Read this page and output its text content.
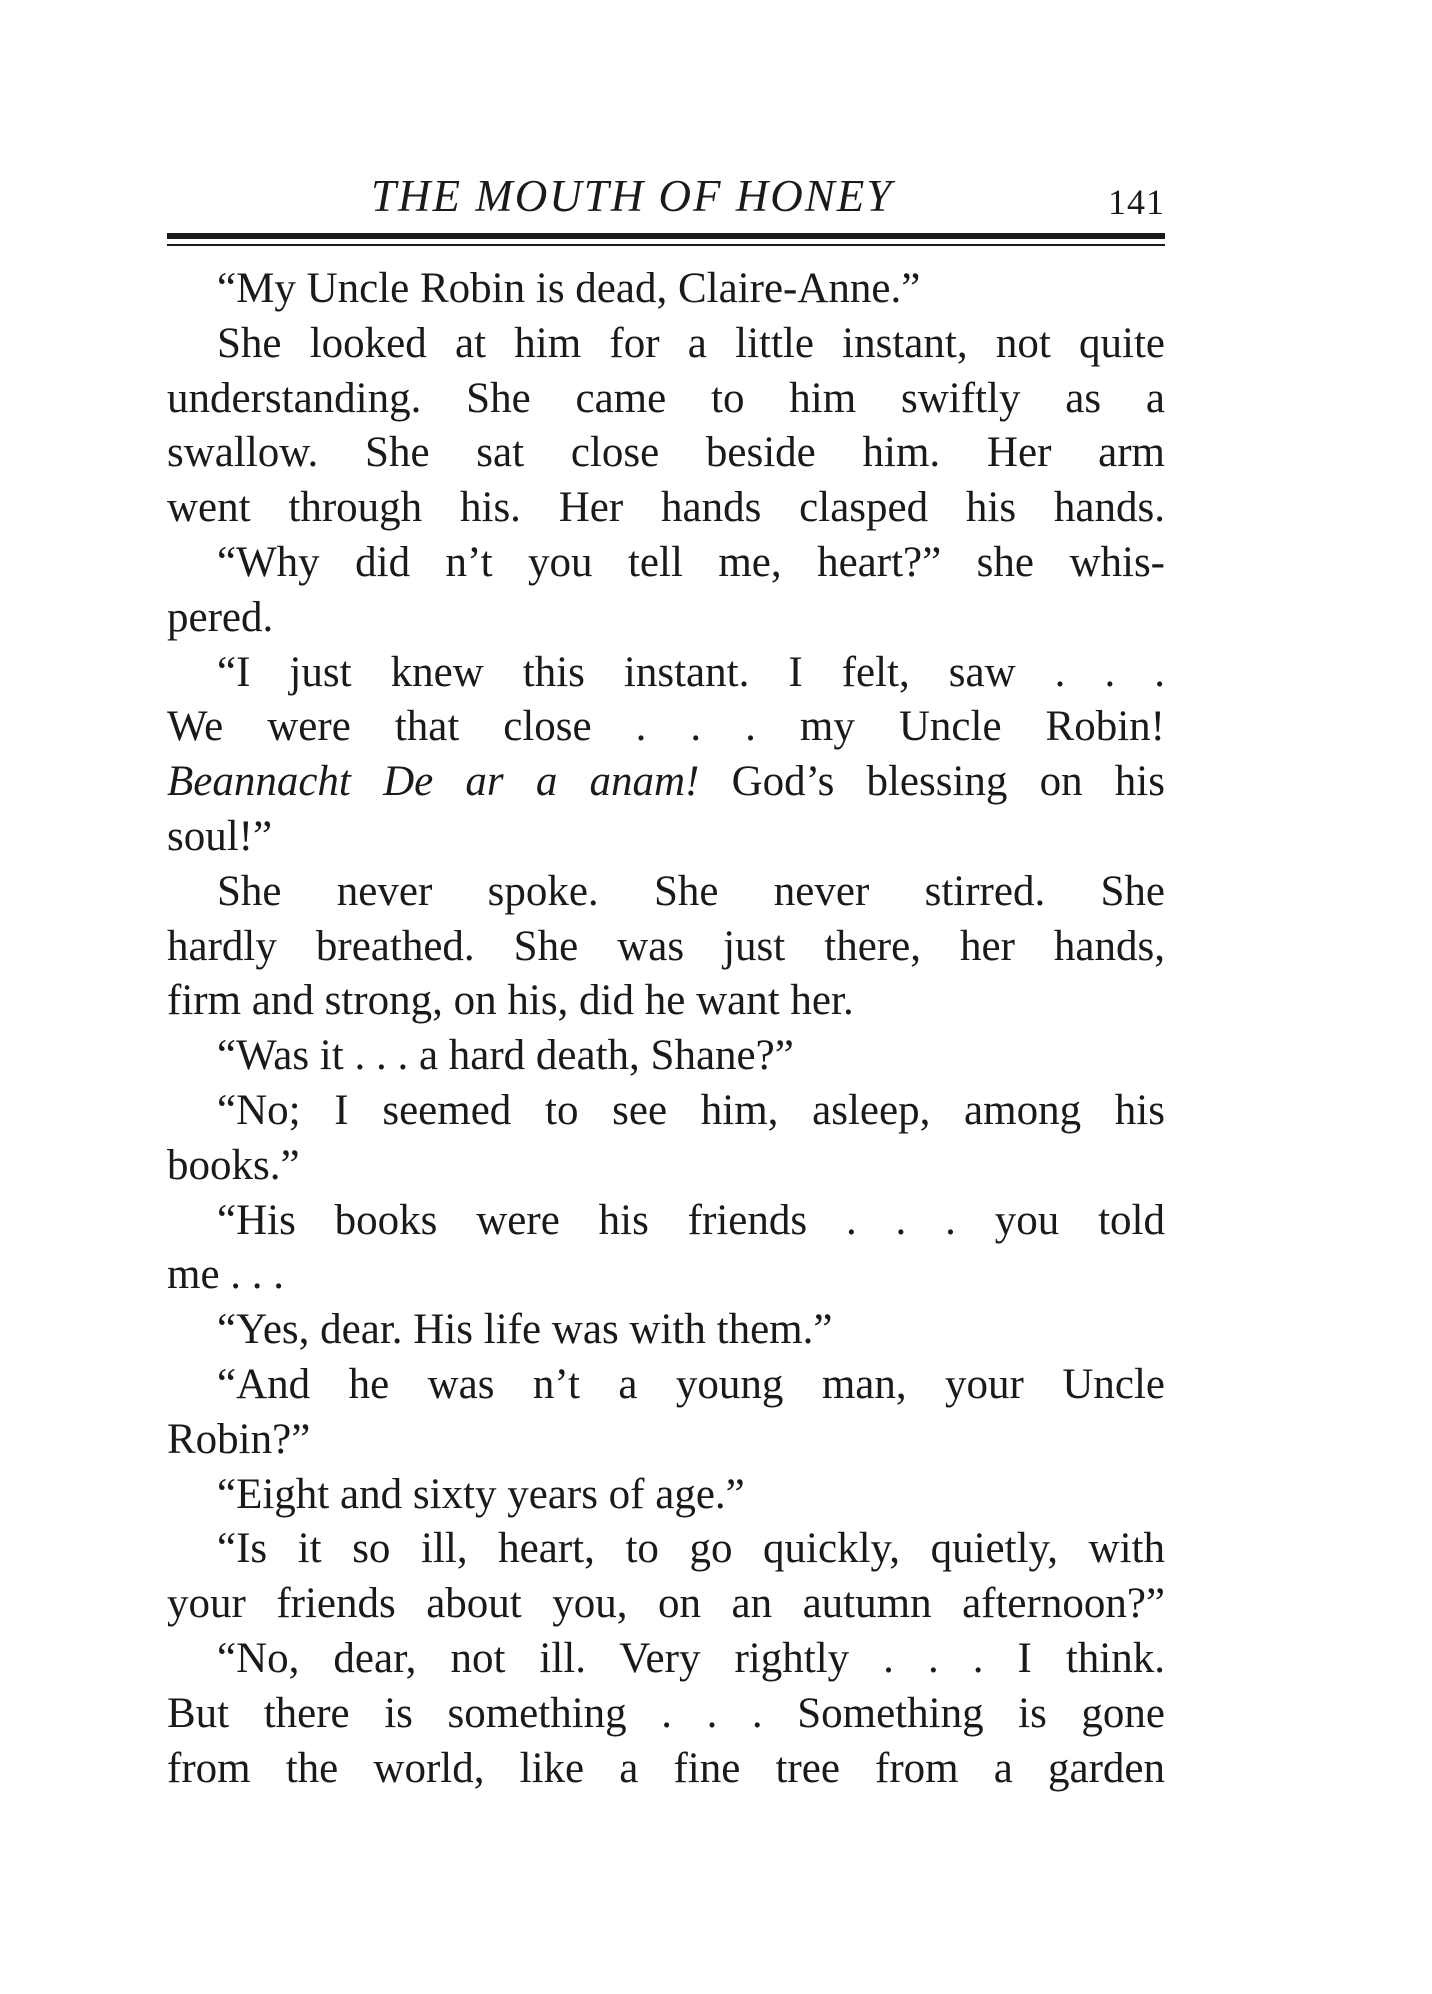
THE MOUTH OF HONEY	141
“My Uncle Robin is dead, Claire-Anne.”
She looked at him for a little instant, not quite
understanding. She came to him swiftly as a
swallow. She sat close beside him. Her arm
went through his. Her hands clasped his hands.
“Why did n’t you tell me, heart?” she whis-
pered.
“I just knew this instant. I felt, saw . . .
We were that close . . . my Uncle Robin!
Beannacht De ar a anam! God’s blessing on his
soul!”
She never spoke. She never stirred. She
hardly breathed. She was just there, her hands,
firm and strong, on his, did he want her.
“Was it . . . a hard death, Shane?”
“No; I seemed to see him, asleep, among his
books.”
“His books were his friends . . . you told
me . . .
“Yes, dear. His life was with them.”
“And he was n’t a young man, your Uncle
Robin?”
“Eight and sixty years of age.”
“Is it so ill, heart, to go quickly, quietly, with
your friends about you, on an autumn afternoon?”
“No, dear, not ill. Very rightly . . . I think.
But there is something . . . Something is gone
from the world, like a fine tree from a garden
